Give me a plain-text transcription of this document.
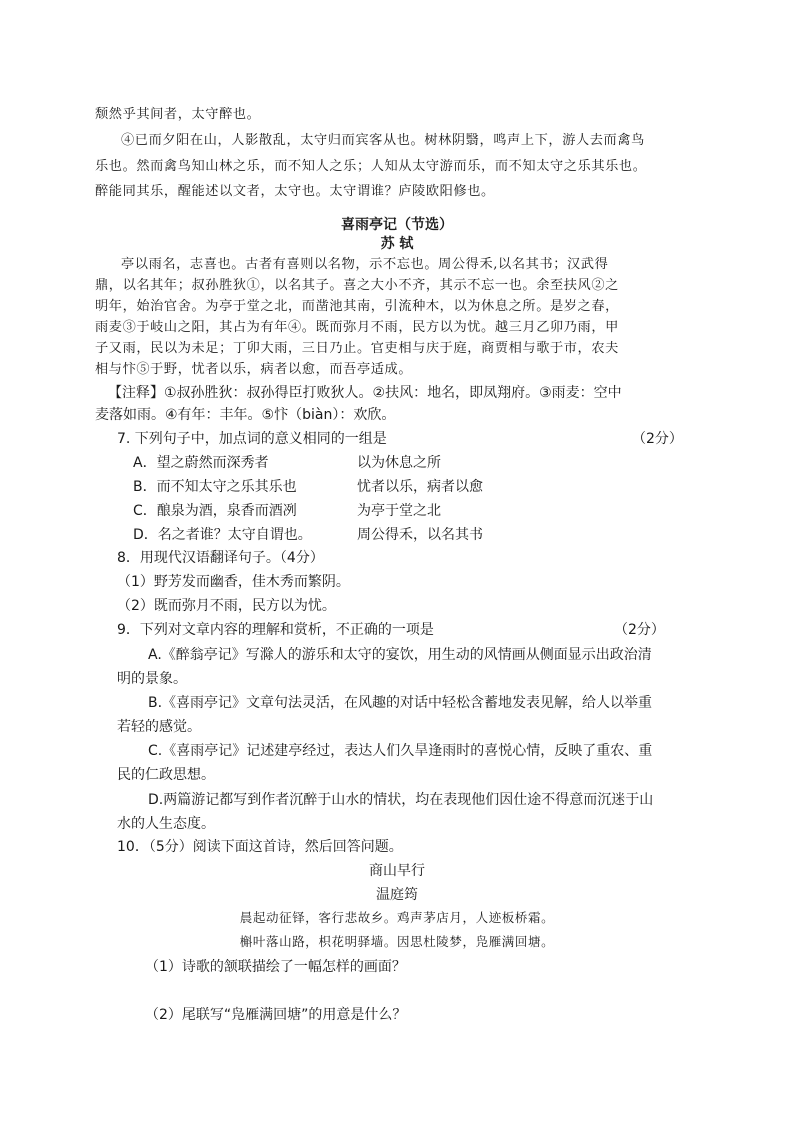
颓然乎其间者，太守醉也。
④已而夕阳在山，人影散乱，太守归而宾客从也。树林阴翳，鸣声上下，游人去而禽鸟
乐也。然而禽鸟知山林之乐，而不知人之乐；人知从太守游而乐，而不知太守之乐其乐也。
醉能同其乐，醒能述以文者，太守也。太守谓谁？庐陵欧阳修也。
喜雨亭记（节选）
苏 轼
亭以雨名，志喜也。古者有喜则以名物，示不忘也。周公得禾,以名其书；汉武得
鼎，以名其年；叔孙胜狄①，以名其子。喜之大小不齐，其示不忘一也。余至扶风②之
明年，始治官舍。为亭于堂之北，而凿池其南，引流种木，以为休息之所。是岁之春，
雨麦③于岐山之阳，其占为有年④。既而弥月不雨，民方以为忧。越三月乙卯乃雨，甲
子又雨，民以为未足；丁卯大雨，三日乃止。官吏相与庆于庭，商贾相与歌于市，农夫
相与忭⑤于野，忧者以乐，病者以愈，而吾亭适成。
【注释】①叔孙胜狄：叔孙得臣打败狄人。②扶风：地名，即凤翔府。③雨麦：空中
麦落如雨。④有年：丰年。⑤忭（biàn）：欢欣。
7. 下列句子中，加点词的意义相同的一组是	（2分）
A．望之蔚然而深秀者	以为休息之所
B．而不知太守之乐其乐也	忧者以乐，病者以愈
C．酿泉为酒，泉香而酒冽	为亭于堂之北
D．名之者谁？太守自谓也。	周公得禾，以名其书
8．用现代汉语翻译句子。（4分）
（1）野芳发而幽香，佳木秀而繁阴。
（2）既而弥月不雨，民方以为忧。
9．下列对文章内容的理解和赏析，不正确的一项是	（2分）
A.《醉翁亭记》写滁人的游乐和太守的宴饮，用生动的风情画从侧面显示出政治清
明的景象。
B.《喜雨亭记》文章句法灵活，在风趣的对话中轻松含蓄地发表见解，给人以举重
若轻的感觉。
C.《喜雨亭记》记述建亭经过，表达人们久旱逢雨时的喜悦心情，反映了重农、重
民的仁政思想。
D.两篇游记都写到作者沉醉于山水的情状，均在表现他们因仕途不得意而沉迷于山
水的人生态度。
10．（5分）阅读下面这首诗，然后回答问题。
商山早行
温庭筠
晨起动征铎，客行悲故乡。鸡声茅店月，人迹板桥霜。
槲叶落山路，枳花明驿墙。因思杜陵梦，凫雁满回塘。
（1）诗歌的颔联描绘了一幅怎样的画面？
（2）尾联写“凫雁满回塘”的用意是什么？
